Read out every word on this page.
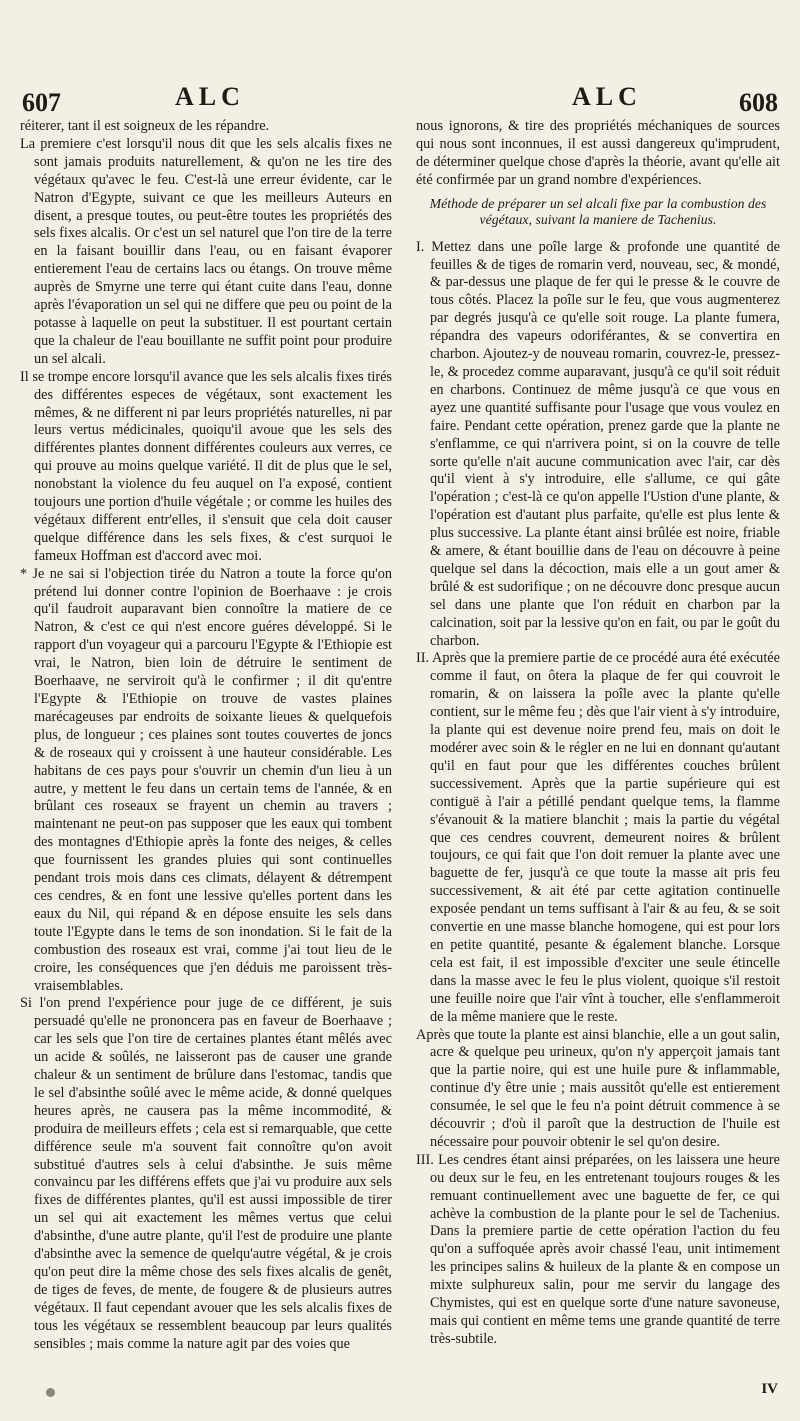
607	ALC	ALC	608

réiterer, tant il est soigneux de les répandre.

La premiere c'est lorsqu'il nous dit que les sels alcalis fixes ne sont jamais produits naturellement, & qu'on ne les tire des végétaux qu'avec le feu. C'est-là une erreur évidente, car le Natron d'Egypte, suivant ce que les meilleurs Auteurs en disent, a presque toutes, ou peut-être toutes les propriétés des sels fixes alcalis. Or c'est un sel naturel que l'on tire de la terre en la faisant bouillir dans l'eau, ou en faisant évaporer entierement l'eau de certains lacs ou étangs. On trouve même auprès de Smyrne une terre qui étant cuite dans l'eau, donne après l'évaporation un sel qui ne differe que peu ou point de la potasse à laquelle on peut la substituer. Il est pourtant certain que la chaleur de l'eau bouillante ne suffit point pour produire un sel alcali.

Il se trompe encore lorsqu'il avance que les sels alcalis fixes tirés des différentes especes de végétaux, sont exactement les mêmes, & ne different ni par leurs propriétés naturelles, ni par leurs vertus médicinales, quoiqu'il avoue que les sels des différentes plantes donnent différentes couleurs aux verres, ce qui prouve au moins quelque variété. Il dit de plus que le sel, nonobstant la violence du feu auquel on l'a exposé, contient toujours une portion d'huile végétale ; or comme les huiles des végétaux different entr'elles, il s'ensuit que cela doit causer quelque différence dans les sels fixes, & c'est surquoi le fameux Hoffman est d'accord avec moi.

* Je ne sai si l'objection tirée du Natron a toute la force qu'on prétend lui donner contre l'opinion de Boerhaave : je crois qu'il faudroit auparavant bien connoître la matiere de ce Natron, & c'est ce qui n'est encore guéres développé. Si le rapport d'un voyageur qui a parcouru l'Egypte & l'Ethiopie est vrai, le Natron, bien loin de détruire le sentiment de Boerhaave, ne serviroit qu'à le confirmer ; il dit qu'entre l'Egypte & l'Ethiopie on trouve de vastes plaines marécageuses par endroits de soixante lieues & quelquefois plus, de longueur ; ces plaines sont toutes couvertes de joncs & de roseaux qui y croissent à une hauteur considérable. Les habitans de ces pays pour s'ouvrir un chemin d'un lieu à un autre, y mettent le feu dans un certain tems de l'année, & en brûlant ces roseaux se frayent un chemin au travers ; maintenant ne peut-on pas supposer que les eaux qui tombent des montagnes d'Ethiopie après la fonte des neiges, & celles que fournissent les grandes pluies qui sont continuelles pendant trois mois dans ces climats, délayent & détrempent ces cendres, & en font une lessive qu'elles portent dans les eaux du Nil, qui répand & en dépose ensuite les sels dans toute l'Egypte dans le tems de son inondation. Si le fait de la combustion des roseaux est vrai, comme j'ai tout lieu de le croire, les conséquences que j'en déduis me paroissent très-vraisemblables.

Si l'on prend l'expérience pour juge de ce différent, je suis persuadé qu'elle ne prononcera pas en faveur de Boerhaave ; car les sels que l'on tire de certaines plantes étant mêlés avec un acide & soûlés, ne laisseront pas de causer une grande chaleur & un sentiment de brûlure dans l'estomac, tandis que le sel d'absinthe soûlé avec le même acide, & donné quelques heures après, ne causera pas la même incommodité, & produira de meilleurs effets ; cela est si remarquable, que cette différence seule m'a souvent fait connoître qu'on avoit substitué d'autres sels à celui d'absinthe. Je suis même convaincu par les différens effets que j'ai vu produire aux sels fixes de différentes plantes, qu'il est aussi impossible de tirer un sel qui ait exactement les mêmes vertus que celui d'absinthe, d'une autre plante, qu'il l'est de produire une plante d'absinthe avec la semence de quelqu'autre végétal, & je crois qu'on peut dire la même chose des sels fixes alcalis de genêt, de tiges de feves, de mente, de fougere & de plusieurs autres végétaux. Il faut cependant avouer que les sels alcalis fixes de tous les végétaux se ressemblent beaucoup par leurs qualités sensibles ; mais comme la nature agit par des voies que

nous ignorons, & tire des propriétés méchaniques de sources qui nous sont inconnues, il est aussi dangereux qu'imprudent, de déterminer quelque chose d'après la théorie, avant qu'elle ait été confirmée par un grand nombre d'expériences.

Méthode de préparer un sel alcali fixe par la combustion des végétaux, suivant la maniere de Tachenius.

I. Mettez dans une poîle large & profonde une quantité de feuilles & de tiges de romarin verd, nouveau, sec, & mondé, & par-dessus une plaque de fer qui le presse & le couvre de tous côtés. Placez la poîle sur le feu, que vous augmenterez par degrés jusqu'à ce qu'elle soit rouge. La plante fumera, répandra des vapeurs odoriférantes, & se convertira en charbon. Ajoutez-y de nouveau romarin, couvrez-le, pressez-le, & procedez comme auparavant, jusqu'à ce qu'il soit réduit en charbons. Continuez de même jusqu'à ce que vous en ayez une quantité suffisante pour l'usage que vous voulez en faire. Pendant cette opération, prenez garde que la plante ne s'enflamme, ce qui n'arrivera point, si on la couvre de telle sorte qu'elle n'ait aucune communication avec l'air, car dès qu'il vient à s'y introduire, elle s'allume, ce qui gâte l'opération ; c'est-là ce qu'on appelle l'Ustion d'une plante, & l'opération est d'autant plus parfaite, qu'elle est plus lente & plus successive. La plante étant ainsi brûlée est noire, friable & amere, & étant bouillie dans de l'eau on découvre à peine quelque sel dans la décoction, mais elle a un gout amer & brûlé & est sudorifique ; on ne découvre donc presque aucun sel dans une plante que l'on réduit en charbon par la calcination, soit par la lessive qu'on en fait, ou par le goût du charbon.

II. Après que la premiere partie de ce procédé aura été exécutée comme il faut, on ôtera la plaque de fer qui couvroit le romarin, & on laissera la poîle avec la plante qu'elle contient, sur le même feu ; dès que l'air vient à s'y introduire, la plante qui est devenue noire prend feu, mais on doit le modérer avec soin & le régler en ne lui en donnant qu'autant qu'il en faut pour que les différentes couches brûlent successivement. Après que la partie supérieure qui est contiguë à l'air a pétillé pendant quelque tems, la flamme s'évanouit & la matiere blanchit ; mais la partie du végétal que ces cendres couvrent, demeurent noires & brûlent toujours, ce qui fait que l'on doit remuer la plante avec une baguette de fer, jusqu'à ce que toute la masse ait pris feu successivement, & ait été par cette agitation continuelle exposée pendant un tems suffisant à l'air & au feu, & se soit convertie en une masse blanche homogene, qui est pour lors en petite quantité, pesante & également blanche. Lorsque cela est fait, il est impossible d'exciter une seule étincelle dans la masse avec le feu le plus violent, quoique s'il restoit une feuille noire que l'air vînt à toucher, elle s'enflammeroit de la même maniere que le reste.

Après que toute la plante est ainsi blanchie, elle a un gout salin, acre & quelque peu urineux, qu'on n'y apperçoit jamais tant que la partie noire, qui est une huile pure & inflammable, continue d'y être unie ; mais aussitôt qu'elle est entierement consumée, le sel que le feu n'a point détruit commence à se découvrir ; d'où il paroît que la destruction de l'huile est nécessaire pour pouvoir obtenir le sel qu'on desire.

III. Les cendres étant ainsi préparées, on les laissera une heure ou deux sur le feu, en les entretenant toujours rouges & les remuant continuellement avec une baguette de fer, ce qui achève la combustion de la plante pour le sel de Tachenius. Dans la premiere partie de cette opération l'action du feu qu'on a suffoquée après avoir chassé l'eau, unit intimement les principes salins & huileux de la plante & en compose un mixte sulphureux salin, pour me servir du langage des Chymistes, qui est en quelque sorte d'une nature savoneuse, mais qui contient en même tems une grande quantité de terre très-subtile.

IV
